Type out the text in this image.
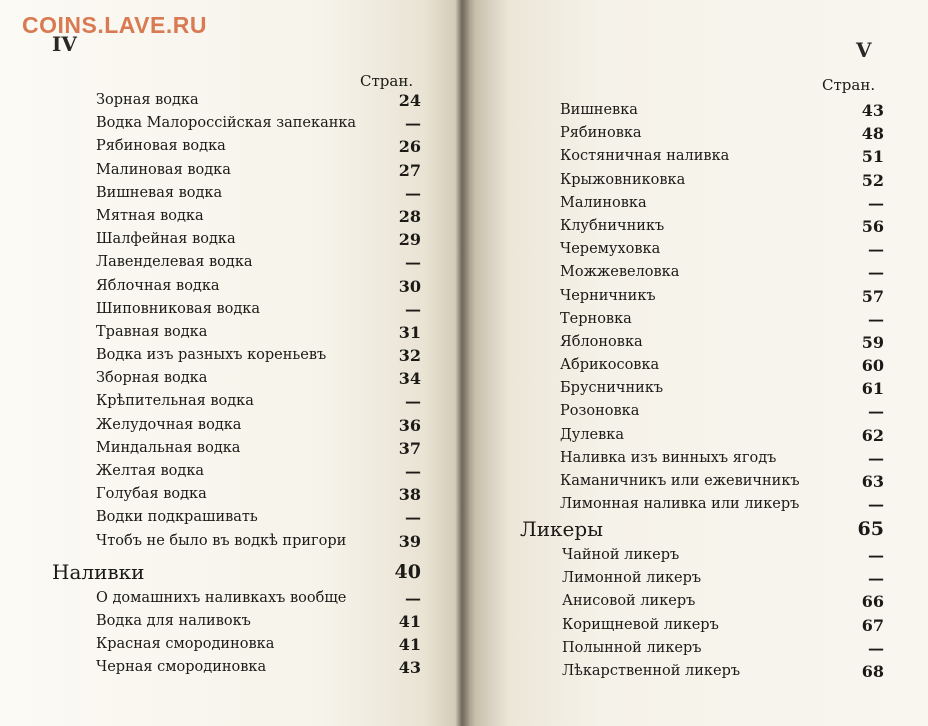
COINS.LAVE.RU
IV	V
Стран.	Стран.
Зорная водка	24
Водка Малороссійская запеканка	—
Рябиновая водка	26
Малиновая водка	27
Вишневая водка	—
Мятная водка	28
Шалфейная водка	29
Лавенделевая водка	—
Яблочная водка	30
Шиповниковая водка	—
Травная водка	31
Водка изъ разныхъ кореньевъ	32
Зборная водка	34
Крѣпительная водка	—
Желудочная водка	36
Миндальная водка	37
Желтая водка	—
Голубая водка	38
Водки подкрашивать	—
Чтобъ не было въ водкѣ пригори	39
Наливки	40
О домашнихъ наливкахъ вообще	—
Водка для наливокъ	41
Красная смородиновка	41
Черная смородиновка	43
Вишневка	43
Рябиновка	48
Костяничная наливка	51
Крыжовниковка	52
Малиновка	—
Клубничникъ	56
Черемуховка	—
Можжевеловка	—
Черничникъ	57
Терновка	—
Яблоновка	59
Абрикосовка	60
Брусничникъ	61
Розоновка	—
Дулевка	62
Наливка изъ винныхъ ягодъ	—
Каманичникъ или ежевичникъ	63
Лимонная наливка или ликеръ	—
Ликеры	65
Чайной ликеръ	—
Лимонной ликеръ	—
Анисовой ликеръ	66
Корищневой ликеръ	67
Полынной ликеръ	—
Лѣкарственной ликеръ	68
